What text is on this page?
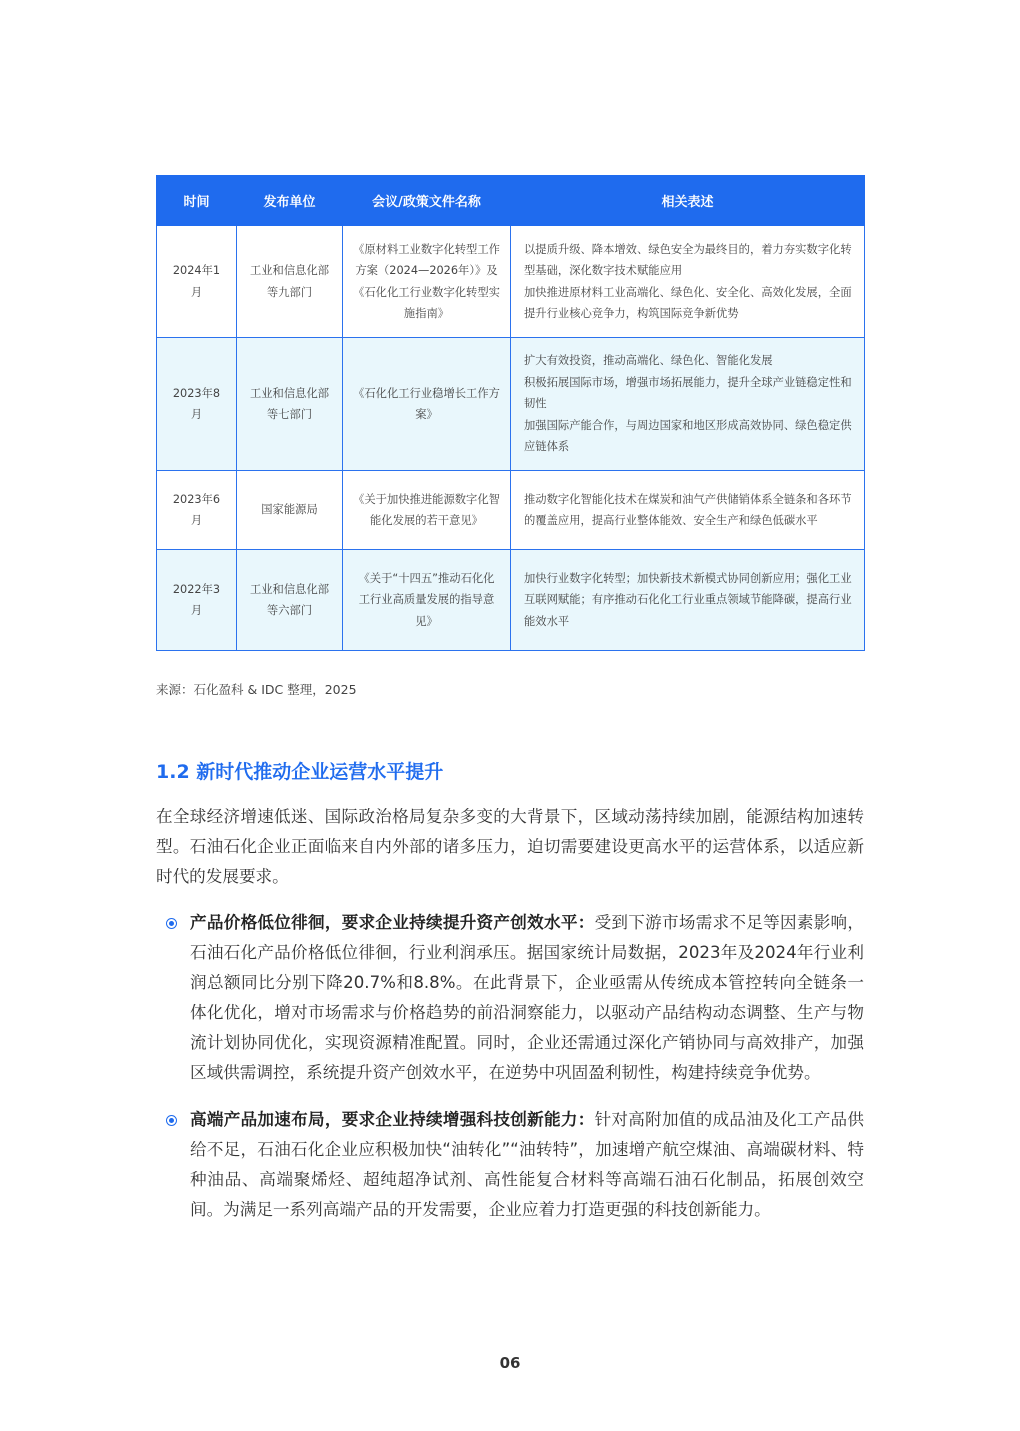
时间	发布单位	会议/政策文件名称	相关表述
2024年1月	工业和信息化部等九部门	《原材料工业数字化转型工作方案（2024—2026年）》及《石化化工行业数字化转型实施指南》	以提质升级、降本增效、绿色安全为最终目的，着力夯实数字化转型基础，深化数字技术赋能应用
加快推进原材料工业高端化、绿色化、安全化、高效化发展，全面提升行业核心竞争力，构筑国际竞争新优势

2023年8月	工业和信息化部等七部门	《石化化工行业稳增长工作方案》	扩大有效投资，推动高端化、绿色化、智能化发展
积极拓展国际市场，增强市场拓展能力，提升全球产业链稳定性和韧性
加强国际产能合作，与周边国家和地区形成高效协同、绿色稳定供应链体系

2023年6月	国家能源局	《关于加快推进能源数字化智能化发展的若干意见》	推动数字化智能化技术在煤炭和油气产供储销体系全链条和各环节的覆盖应用，提高行业整体能效、安全生产和绿色低碳水平

2022年3月	工业和信息化部等六部门	《关于“十四五”推动石化化工行业高质量发展的指导意见》	加快行业数字化转型；加快新技术新模式协同创新应用；强化工业互联网赋能；有序推动石化化工行业重点领域节能降碳，提高行业能效水平
来源：石化盈科 & IDC 整理，2025
1.2 新时代推动企业运营水平提升

在全球经济增速低迷、国际政治格局复杂多变的大背景下，区域动荡持续加剧，能源结构加速转型。石油石化企业正面临来自内外部的诸多压力，迫切需要建设更高水平的运营体系，以适应新时代的发展要求。

产品价格低位徘徊，要求企业持续提升资产创效水平：受到下游市场需求不足等因素影响，石油石化产品价格低位徘徊，行业利润承压。据国家统计局数据，2023年及2024年行业利润总额同比分别下降20.7%和8.8%。在此背景下，企业亟需从传统成本管控转向全链条一体化优化，增对市场需求与价格趋势的前沿洞察能力，以驱动产品结构动态调整、生产与物流计划协同优化，实现资源精准配置。同时，企业还需通过深化产销协同与高效排产，加强区域供需调控，系统提升资产创效水平，在逆势中巩固盈利韧性，构建持续竞争优势。
高端产品加速布局，要求企业持续增强科技创新能力：针对高附加值的成品油及化工产品供给不足，石油石化企业应积极加快“油转化”“油转特”，加速增产航空煤油、高端碳材料、特种油品、高端聚烯烃、超纯超净试剂、高性能复合材料等高端石油石化制品，拓展创效空间。为满足一系列高端产品的开发需要，企业应着力打造更强的科技创新能力。
06
